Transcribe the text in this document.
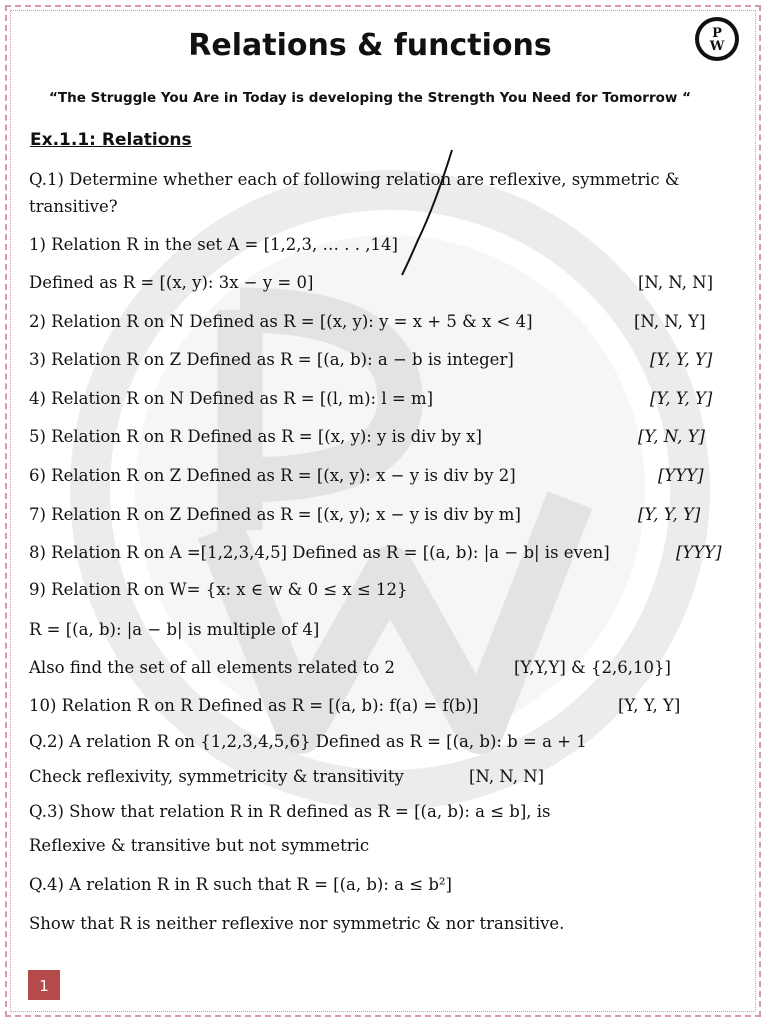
Relations & functions	P
W
“The Struggle You Are in Today is developing the Strength You Need for Tomorrow “
Ex.1.1: Relations
Q.1) Determine whether each of following relation are reflexive, symmetric &
transitive?
1) Relation R in the set A = [1,2,3, … . . ,14]
Defined as R = [(x, y): 3x − y = 0]	[N, N, N]
2) Relation R on N Defined as R = [(x, y): y = x + 5 & x < 4]	[N, N, Y]
3) Relation R on Z Defined as R = [(a, b): a − b is integer]	[Y, Y, Y]
4) Relation R on N Defined as R = [(l, m): l = m]	[Y, Y, Y]
5) Relation R on R Defined as R = [(x, y): y is div by x]	[Y, N, Y]
6) Relation R on Z Defined as R = [(x, y): x − y is div by 2]	[YYY]
7) Relation R on Z Defined as R = [(x, y); x − y is div by m]	[Y, Y, Y]
8) Relation R on A =[1,2,3,4,5] Defined as R = [(a, b): |a − b| is even]	[YYY]
9) Relation R on W= {x: x ∈ w & 0 ≤ x ≤ 12}
R = [(a, b): |a − b| is multiple of 4]
Also find the set of all elements related to 2	[Y,Y,Y] & {2,6,10}]
10) Relation R on R Defined as R = [(a, b): f(a) = f(b)]	[Y, Y, Y]
Q.2) A relation R on {1,2,3,4,5,6} Defined as R = [(a, b): b = a + 1
Check reflexivity, symmetricity & transitivity	[N, N, N]
Q.3) Show that relation R in R defined as R = [(a, b): a ≤ b], is
Reflexive & transitive but not symmetric
Q.4) A relation R in R such that R = [(a, b): a ≤ b²]
Show that R is neither reflexive nor symmetric & nor transitive.
1
